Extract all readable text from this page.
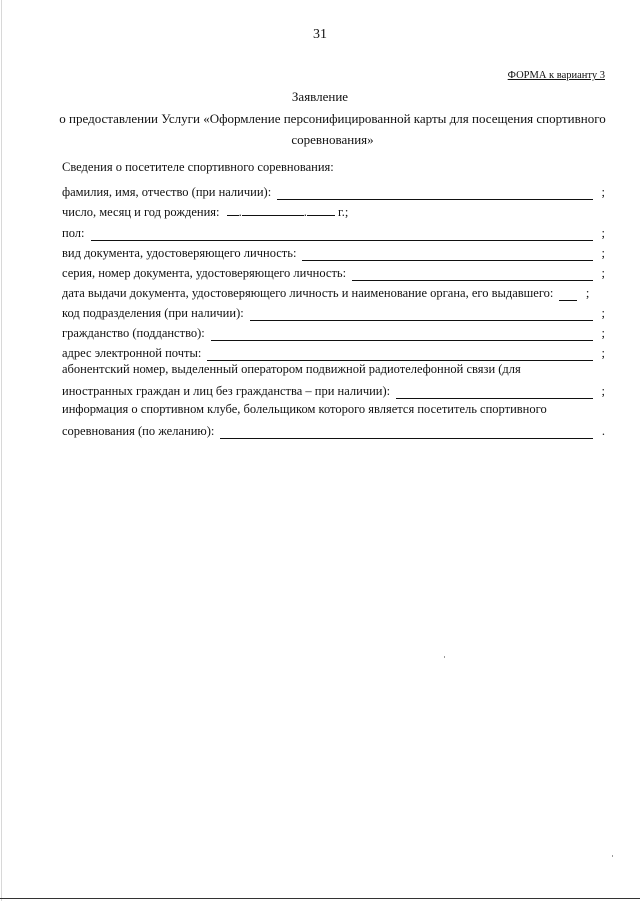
31
ФОРМА к варианту 3
Заявление
о предоставлении Услуги «Оформление персонифицированной карты для посещения спортивного соревнования»
Сведения о посетителе спортивного соревнования:
фамилия, имя, отчество (при наличии):	;
число, месяц и год рождения: .	. г.;
пол:	;
вид документа, удостоверяющего личность:	;
серия, номер документа, удостоверяющего личность:	;
дата выдачи документа, удостоверяющего личность и наименование органа, его выдавшего:	;
код подразделения (при наличии):	;
гражданство (подданство):	;
адрес электронной почты:	;
абонентский номер, выделенный оператором подвижной радиотелефонной связи (для
иностранных граждан и лиц без гражданства – при наличии):	;
информация о спортивном клубе, болельщиком которого является посетитель спортивного
соревнования (по желанию):	.
